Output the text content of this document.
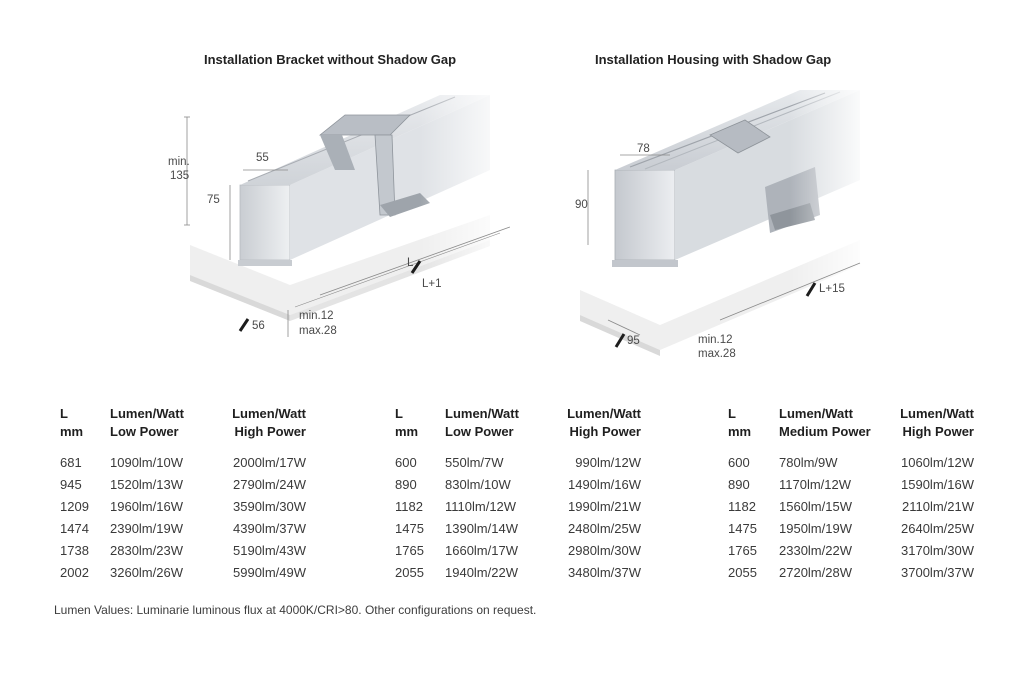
Installation Bracket without Shadow Gap
min.
135
75
55
L
L+1
56
min.12
max.28
Installation Housing with Shadow Gap
78
90
L+15
95	min.12
max.28
L
mm
Lumen/Watt
Low Power
Lumen/Watt
High Power
681 1090lm/10W	2000lm/17W
945 1520lm/13W	2790lm/24W
1209 1960lm/16W	3590lm/30W
1474 2390lm/19W	4390lm/37W
1738 2830lm/23W	5190lm/43W
2002 3260lm/26W	5990lm/49W
L
mm
Lumen/Watt
Low Power
Lumen/Watt
High Power
600 550lm/7W	990lm/12W
890 830lm/10W	1490lm/16W
1182 1110lm/12W	1990lm/21W
1475 1390lm/14W	2480lm/25W
1765 1660lm/17W	2980lm/30W
2055 1940lm/22W	3480lm/37W
L
mm
Lumen/Watt
Medium Power
Lumen/Watt
High Power
600 780lm/9W	1060lm/12W
890 1170lm/12W	1590lm/16W
1182 1560lm/15W	2110lm/21W
1475 1950lm/19W	2640lm/25W
1765 2330lm/22W	3170lm/30W
2055 2720lm/28W	3700lm/37W
Lumen Values: Luminarie luminous flux at 4000K/CRI>80. Other configurations on request.
